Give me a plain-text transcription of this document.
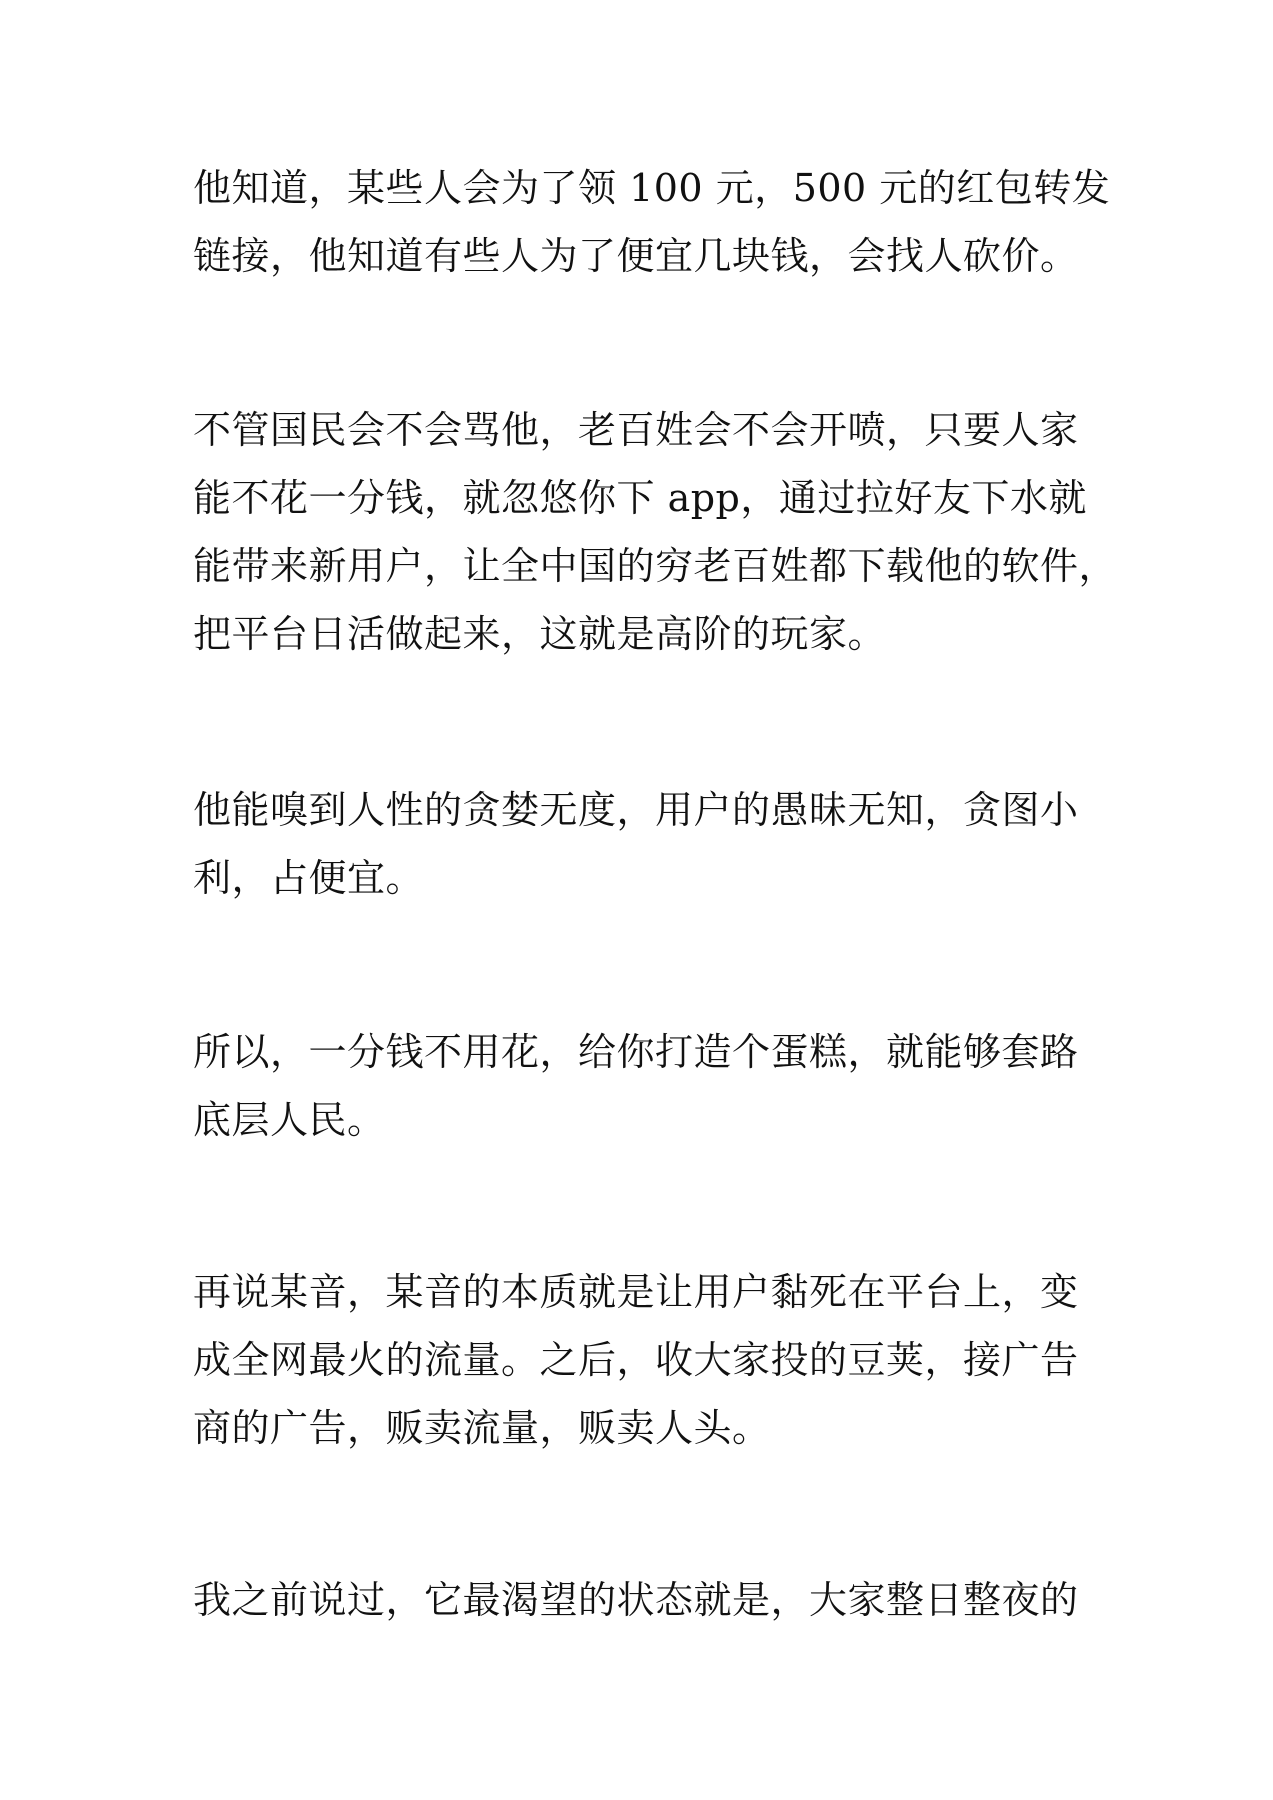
他知道，某些人会为了领 100 元，500 元的红包转发
链接，他知道有些人为了便宜几块钱，会找人砍价。
不管国民会不会骂他，老百姓会不会开喷，只要人家
能不花一分钱，就忽悠你下 app，通过拉好友下水就
能带来新用户，让全中国的穷老百姓都下载他的软件，
把平台日活做起来，这就是高阶的玩家。
他能嗅到人性的贪婪无度，用户的愚昧无知，贪图小
利，占便宜。
所以，一分钱不用花，给你打造个蛋糕，就能够套路
底层人民。
再说某音，某音的本质就是让用户黏死在平台上，变
成全网最火的流量。之后，收大家投的豆荚，接广告
商的广告，贩卖流量，贩卖人头。
我之前说过，它最渴望的状态就是，大家整日整夜的
